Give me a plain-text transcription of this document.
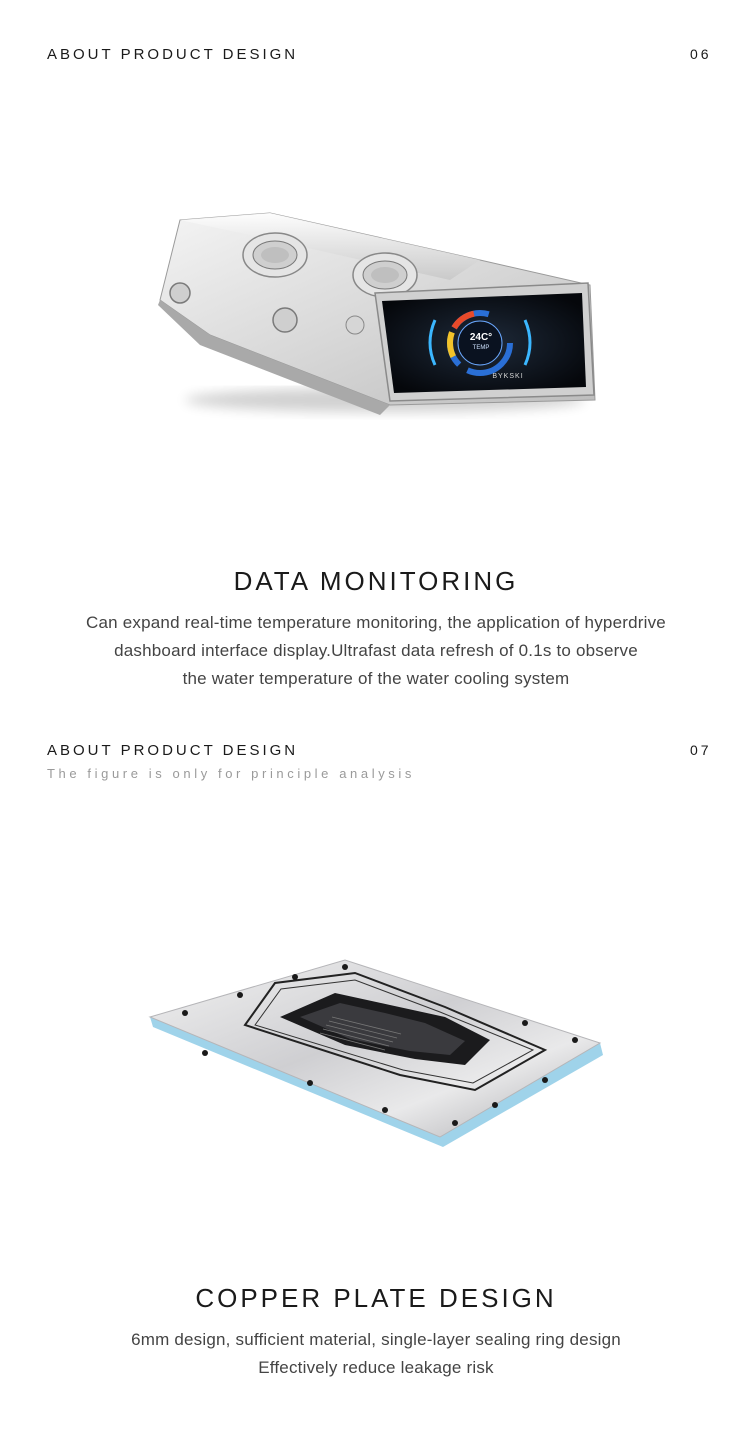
ABOUT PRODUCT DESIGN	06
24C°
TEMP
BYKSKI
DATA MONITORING
Can expand real-time temperature monitoring, the application of hyperdrive
dashboard interface display.Ultrafast data refresh of 0.1s to observe
the water temperature of the water cooling system
ABOUT PRODUCT DESIGN	07
The figure is only for principle analysis
COPPER PLATE DESIGN
6mm design, sufficient material, single-layer sealing ring design
Effectively reduce leakage risk
